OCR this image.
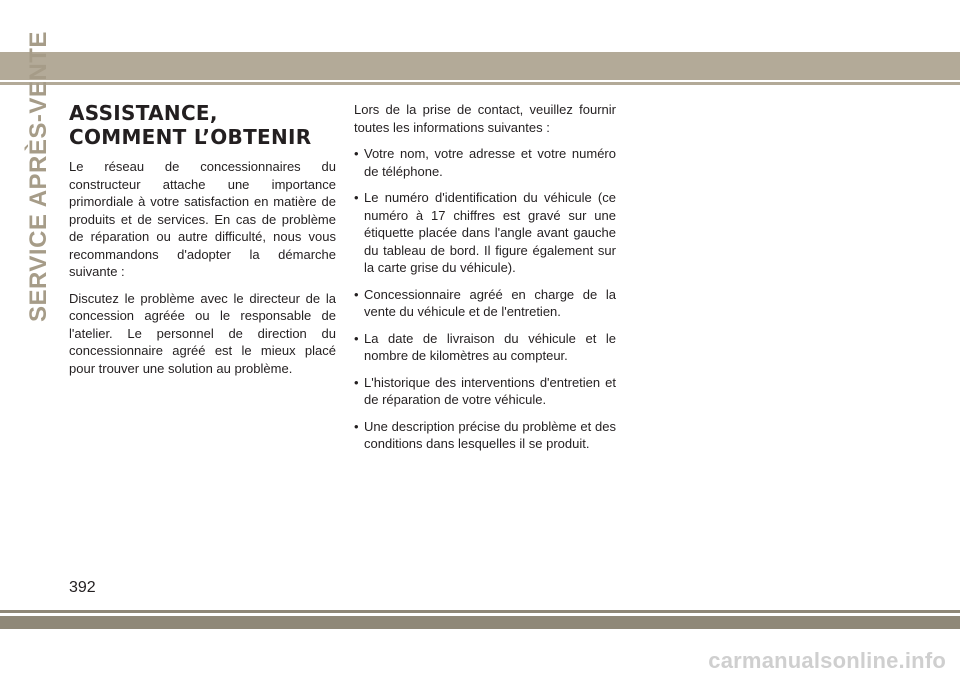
SERVICE APRÈS-VENTE ASSISTANCE,
COMMENT L’OBTENIR

Le réseau de concessionnaires du constructeur attache une importance primordiale à votre satisfaction en matière de produits et de services. En cas de problème de réparation ou autre difficulté, nous vous recommandons d'adopter la démarche suivante :

Discutez le problème avec le directeur de la concession agréée ou le responsable de l'atelier. Le personnel de direction du concessionnaire agréé est le mieux placé pour trouver une solution au problème.

Lors de la prise de contact, veuillez fournir toutes les informations suivantes :

• Votre nom, votre adresse et votre numéro de téléphone.
• Le numéro d'identification du véhicule (ce numéro à 17 chiffres est gravé sur une étiquette placée dans l'angle avant gauche du tableau de bord. Il figure également sur la carte grise du véhicule).
• Concessionnaire agréé en charge de la vente du véhicule et de l'entretien.
• La date de livraison du véhicule et le nombre de kilomètres au compteur.
• L'historique des interventions d'entretien et de réparation de votre véhicule.
• Une description précise du problème et des conditions dans lesquelles il se produit.
392
carmanualsonline.info
